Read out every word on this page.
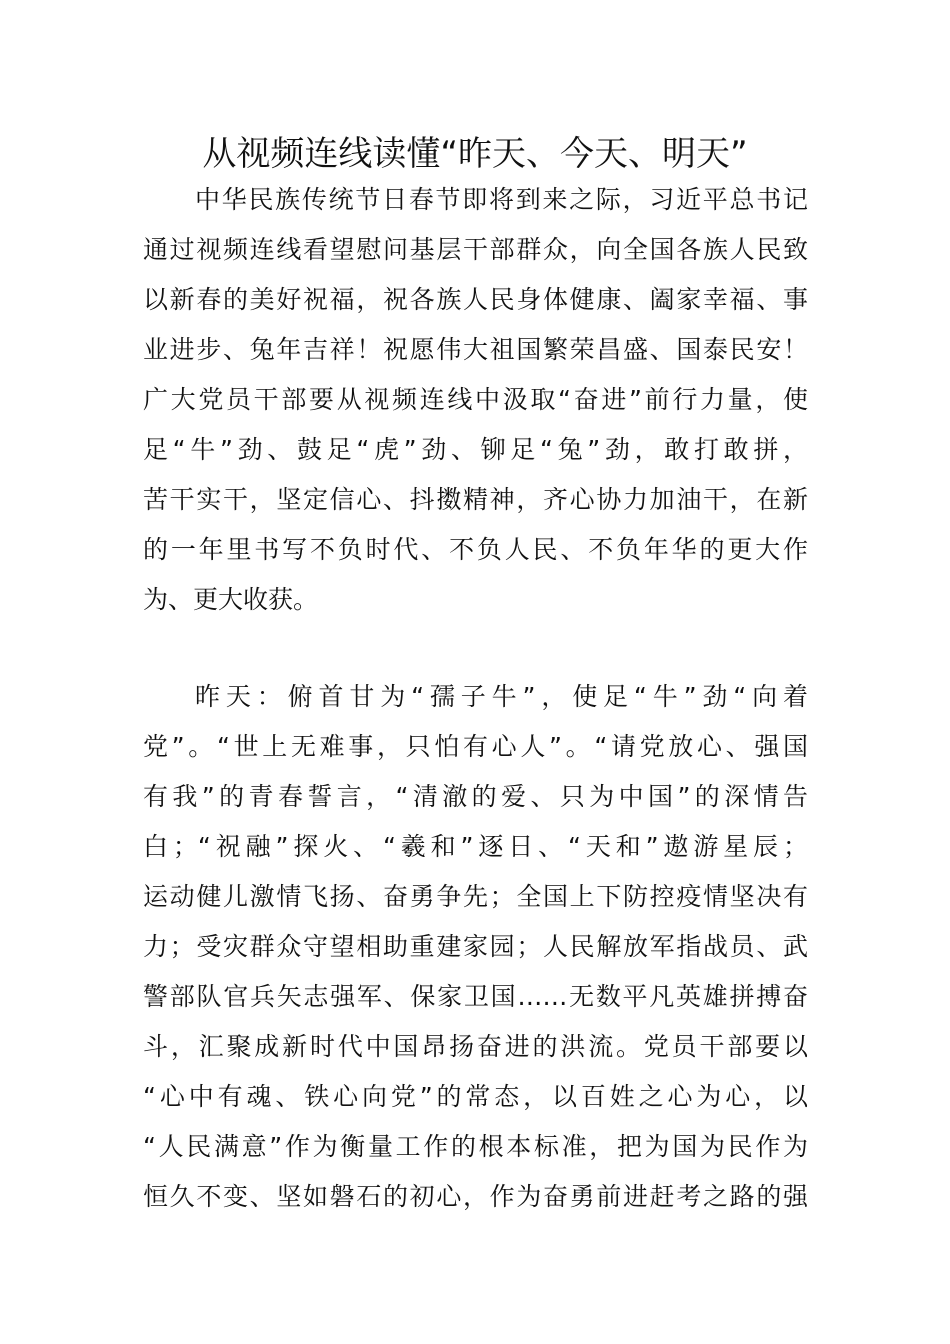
从视频连线读懂“昨天、今天、明天”
中华民族传统节日春节即将到来之际，习近平总书记
通过视频连线看望慰问基层干部群众，向全国各族人民致
以新春的美好祝福，祝各族人民身体健康、阖家幸福、事
业进步、兔年吉祥！祝愿伟大祖国繁荣昌盛、国泰民安！
广大党员干部要从视频连线中汲取“奋进”前行力量，使
足“牛”劲、鼓足“虎”劲、铆足“兔”劲，敢打敢拼，
苦干实干，坚定信心、抖擞精神，齐心协力加油干，在新
的一年里书写不负时代、不负人民、不负年华的更大作
为、更大收获。
昨天：俯首甘为“孺子牛”，使足“牛”劲“向着
党”。“世上无难事，只怕有心人”。“请党放心、强国
有我”的青春誓言，“清澈的爱、只为中国”的深情告
白；“祝融”探火、“羲和”逐日、“天和”遨游星辰；
运动健儿激情飞扬、奋勇争先；全国上下防控疫情坚决有
力；受灾群众守望相助重建家园；人民解放军指战员、武
警部队官兵矢志强军、保家卫国……无数平凡英雄拼搏奋
斗，汇聚成新时代中国昂扬奋进的洪流。党员干部要以
“心中有魂、铁心向党”的常态，以百姓之心为心，以
“人民满意”作为衡量工作的根本标准，把为国为民作为
恒久不变、坚如磐石的初心，作为奋勇前进赶考之路的强
